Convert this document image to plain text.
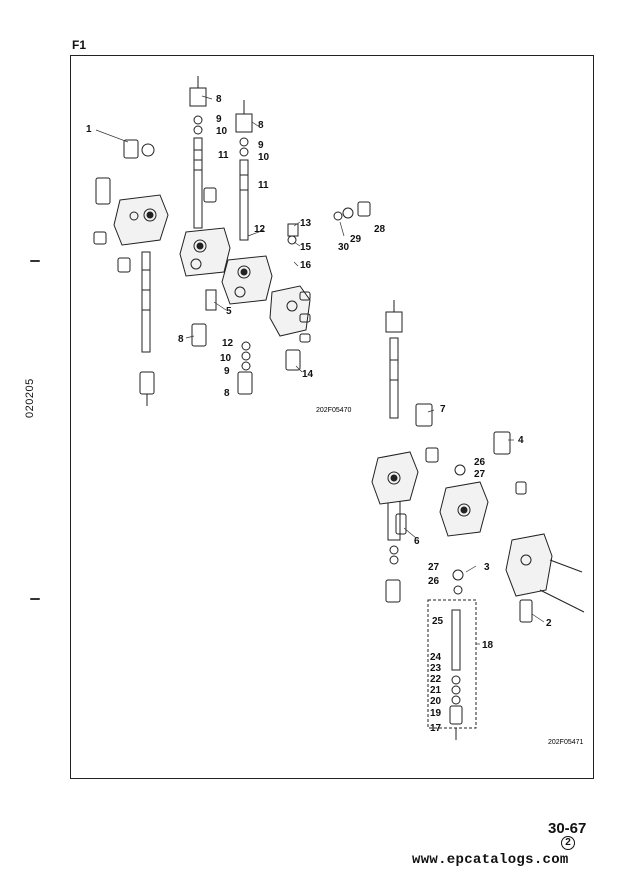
F1
020205
1
8
9
10
11
8
9
10
11
12
13
15
16
5
8	12
10
9
8
14
30
29
28
7
4
26
27
6
3
27
26
2
25
18
24
23
22
21
20
19
17
202F05470
202F05471
30-67
2
www.epcatalogs.com
